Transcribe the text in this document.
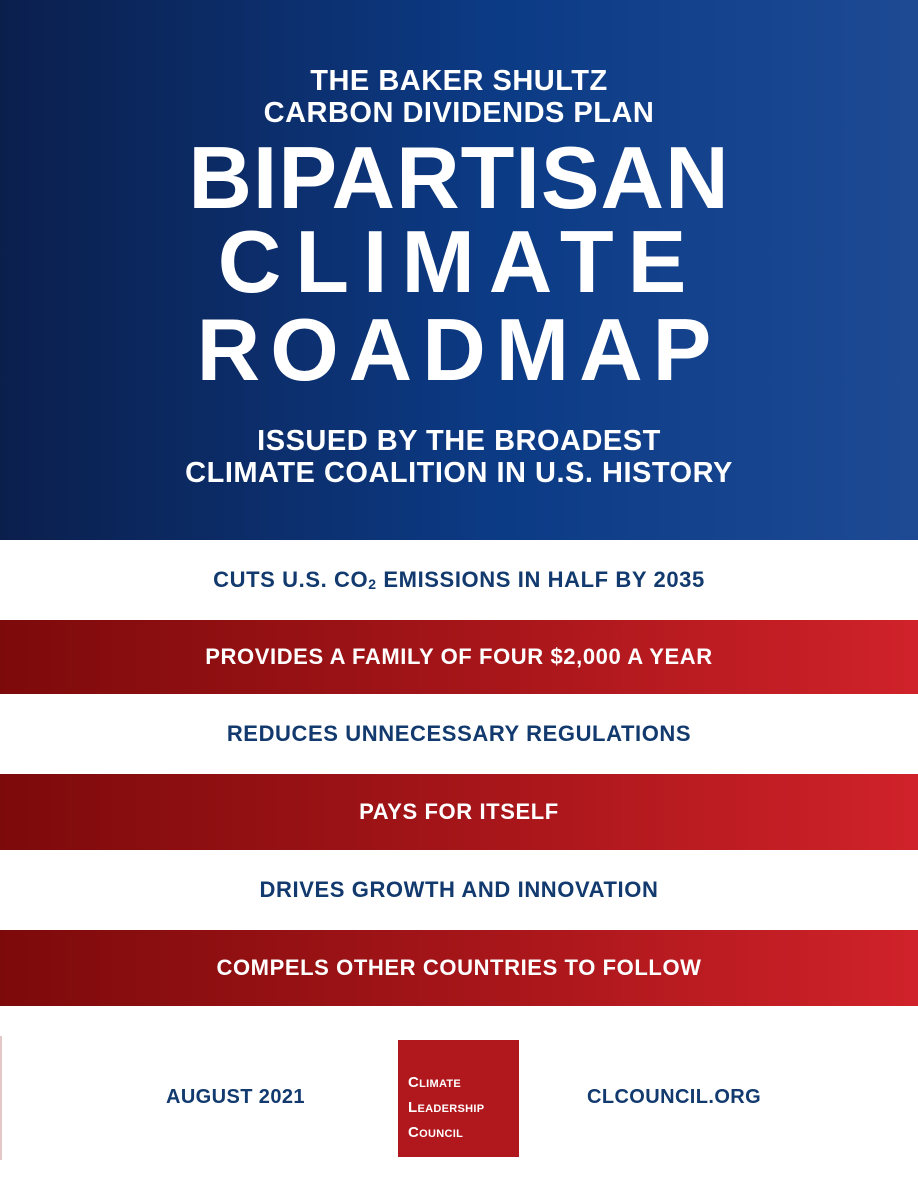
THE BAKER SHULTZ
CARBON DIVIDENDS PLAN
BIPARTISAN
CLIMATE
ROADMAP
ISSUED BY THE BROADEST
CLIMATE COALITION IN U.S. HISTORY
CUTS U.S. CO2 EMISSIONS IN HALF BY 2035
PROVIDES A FAMILY OF FOUR $2,000 A YEAR
REDUCES UNNECESSARY REGULATIONS
PAYS FOR ITSELF
DRIVES GROWTH AND INNOVATION
COMPELS OTHER COUNTRIES TO FOLLOW
AUGUST 2021
Climate
Leadership
Council
CLCOUNCIL.ORG
